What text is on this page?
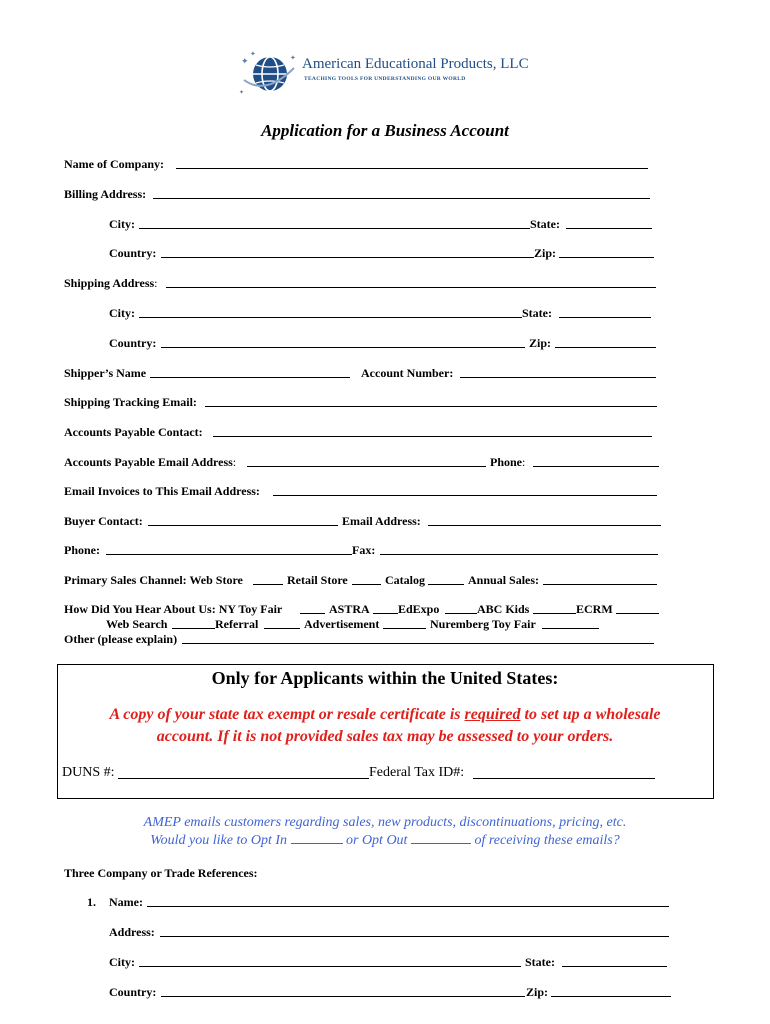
✦
✦	✦
✦
American Educational Products, LLC
TEACHING TOOLS FOR UNDERSTANDING OUR WORLD
Application for a Business Account
Name of Company:
Billing Address:
City:	State:
Country:	Zip:
Shipping Address:
City:	State:
Country:	Zip:
Shipper’s Name	Account Number:
Shipping Tracking Email:
Accounts Payable Contact:
Accounts Payable Email Address:	Phone:
Email Invoices to This Email Address:
Buyer Contact:	Email Address:
Phone:	Fax:
Primary Sales Channel: Web Store	Retail Store	Catalog	Annual Sales:
How Did You Hear About Us: NY Toy Fair	ASTRA EdExpo	ABC Kids	ECRM
Web Search	Referral	Advertisement	Nuremberg Toy Fair
Other (please explain)
Only for Applicants within the United States:
A copy of your state tax exempt or resale certificate is required to set up a wholesale
account. If it is not provided sales tax may be assessed to your orders.
DUNS #:	Federal Tax ID#:
AMEP emails customers regarding sales, new products, discontinuations, pricing, etc.
Would you like to Opt In	or Opt Out	of receiving these emails?
Three Company or Trade References:
1. Name:
Address:
City:	State:
Country:	Zip:
